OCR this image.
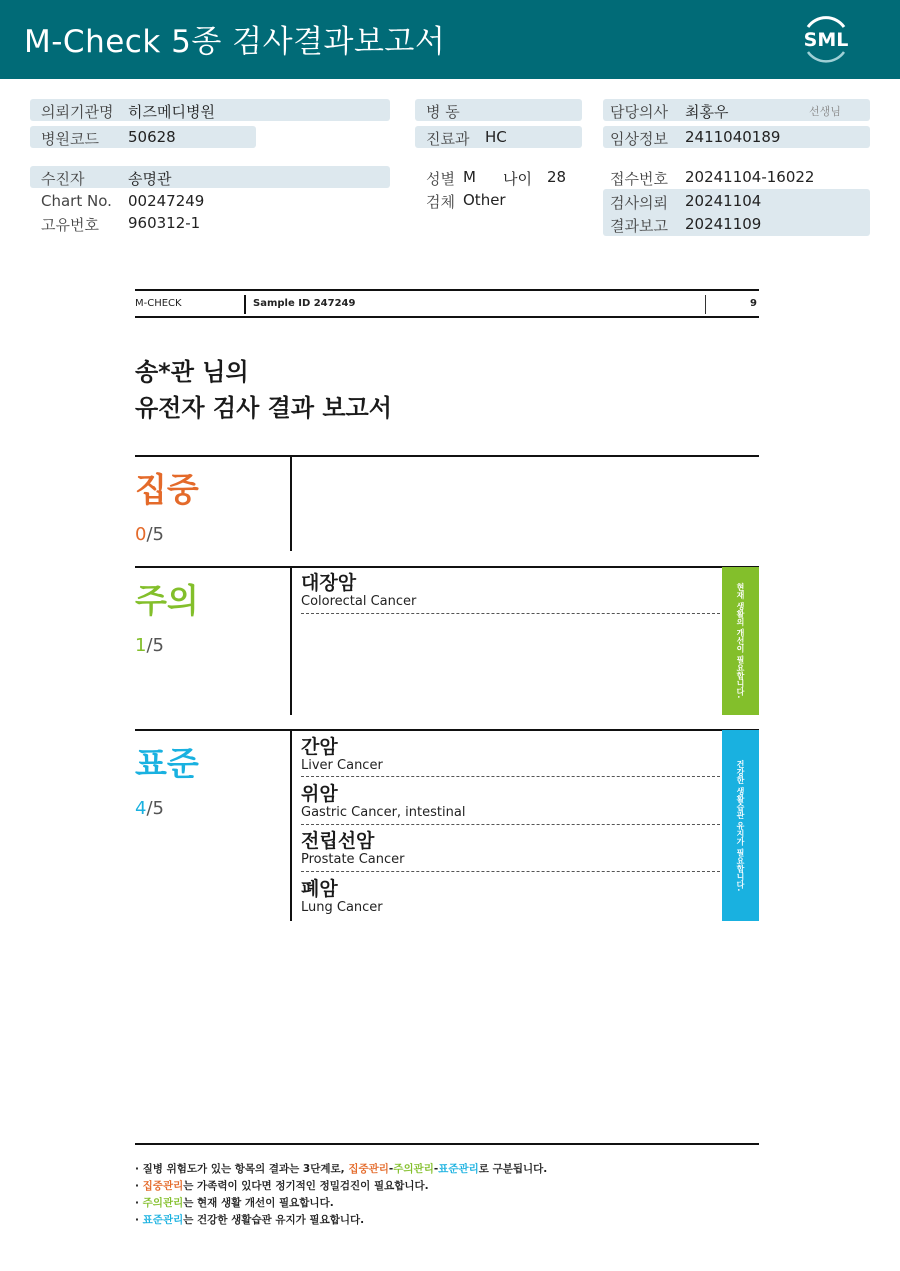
M-Check 5종 검사결과보고서	SML
의뢰기관명 히즈메디병원
병원코드 50628
수진자	송명관
Chart No. 00247249
고유번호 960312-1
병 동
진료과 HC
성별 M 나이 28
검체 Other
담당의사 최홍우	선생님
임상정보 2411040189
접수번호 20241104-16022
검사의뢰 20241104
결과보고 20241109
M-CHECK	Sample ID 247249	9
송*관 님의
유전자 검사 결과 보고서
집중
0/5
주의
1/5	현재 생활의 개선이 필요합니다.
대장암
Colorectal Cancer
표준
4/5	건강한 생활습관 유지가 필요합니다.
간암
Liver Cancer
위암
Gastric Cancer, intestinal
전립선암
Prostate Cancer
폐암
Lung Cancer
· 질병 위험도가 있는 항목의 결과는 3단계로, 집중관리-주의관리-표준관리로 구분됩니다.
· 집중관리는 가족력이 있다면 정기적인 정밀검진이 필요합니다.
· 주의관리는 현재 생활 개선이 필요합니다.
· 표준관리는 건강한 생활습관 유지가 필요합니다.
